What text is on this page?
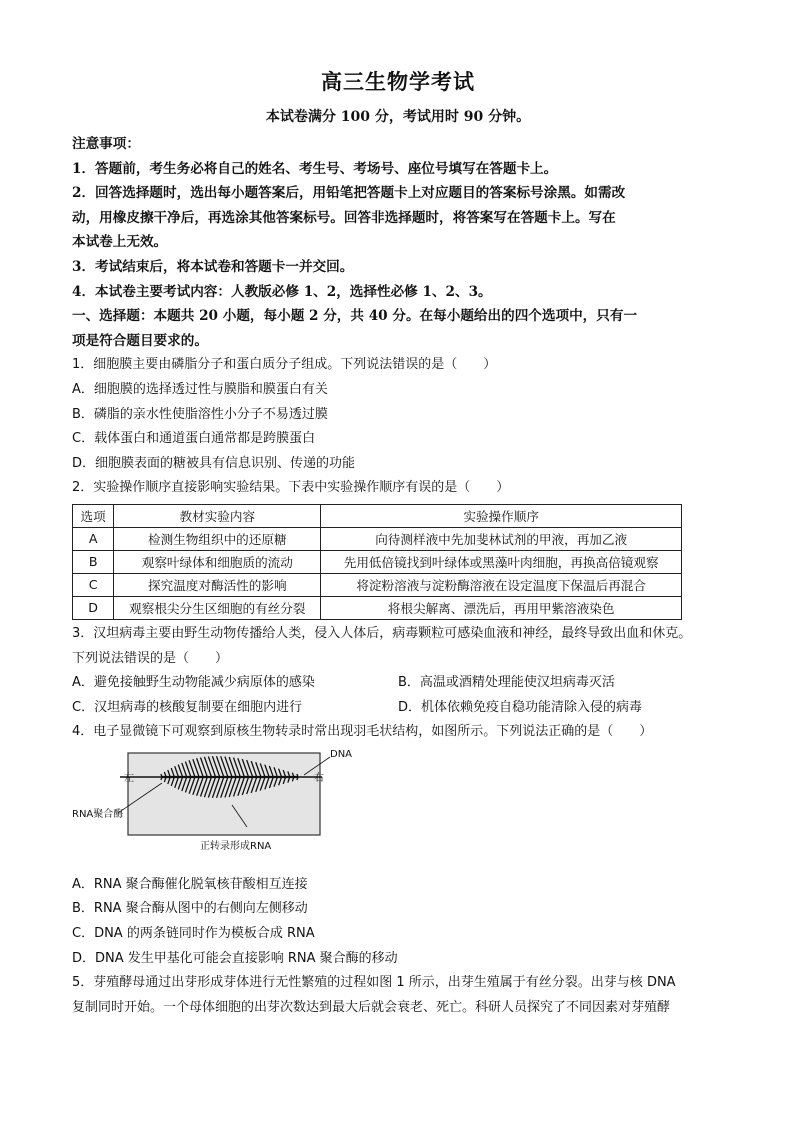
高三生物学考试
本试卷满分 100 分，考试用时 90 分钟。

注意事项：

1．答题前，考生务必将自己的姓名、考生号、考场号、座位号填写在答题卡上。

2．回答选择题时，选出每小题答案后，用铅笔把答题卡上对应题目的答案标号涂黑。如需改

动，用橡皮擦干净后，再选涂其他答案标号。回答非选择题时，将答案写在答题卡上。写在

本试卷上无效。

3．考试结束后，将本试卷和答题卡一并交回。

4．本试卷主要考试内容：人教版必修 1、2，选择性必修 1、2、3。

一、选择题：本题共 20 小题，每小题 2 分，共 40 分。在每小题给出的四个选项中，只有一

项是符合题目要求的。

1．细胞膜主要由磷脂分子和蛋白质分子组成。下列说法错误的是（　　）

A．细胞膜的选择透过性与膜脂和膜蛋白有关

B．磷脂的亲水性使脂溶性小分子不易透过膜

C．载体蛋白和通道蛋白通常都是跨膜蛋白

D．细胞膜表面的糖被具有信息识别、传递的功能

2．实验操作顺序直接影响实验结果。下表中实验操作顺序有误的是（　　）

选项	教材实验内容	实验操作顺序
A	检测生物组织中的还原糖	向待测样液中先加斐林试剂的甲液，再加乙液
B	观察叶绿体和细胞质的流动	先用低倍镜找到叶绿体或黑藻叶肉细胞，再换高倍镜观察
C	探究温度对酶活性的影响	将淀粉溶液与淀粉酶溶液在设定温度下保温后再混合
D	观察根尖分生区细胞的有丝分裂	将根尖解离、漂洗后，再用甲紫溶液染色

3．汉坦病毒主要由野生动物传播给人类，侵入人体后，病毒颗粒可感染血液和神经，最终导致出血和休克。

下列说法错误的是（　　）

A．避免接触野生动物能减少病原体的感染	B．高温或酒精处理能使汉坦病毒灭活

C．汉坦病毒的核酸复制要在细胞内进行	D．机体依赖免疫自稳功能清除入侵的病毒

4．电子显微镜下可观察到原核生物转录时常出现羽毛状结构，如图所示。下列说法正确的是（　　）

DNA
左	右
RNA聚合酶
正转录形成RNA

A．RNA 聚合酶催化脱氧核苷酸相互连接

B．RNA 聚合酶从图中的右侧向左侧移动

C．DNA 的两条链同时作为模板合成 RNA

D．DNA 发生甲基化可能会直接影响 RNA 聚合酶的移动

5．芽殖酵母通过出芽形成芽体进行无性繁殖的过程如图 1 所示，出芽生殖属于有丝分裂。出芽与核 DNA

复制同时开始。一个母体细胞的出芽次数达到最大后就会衰老、死亡。科研人员探究了不同因素对芽殖酵
